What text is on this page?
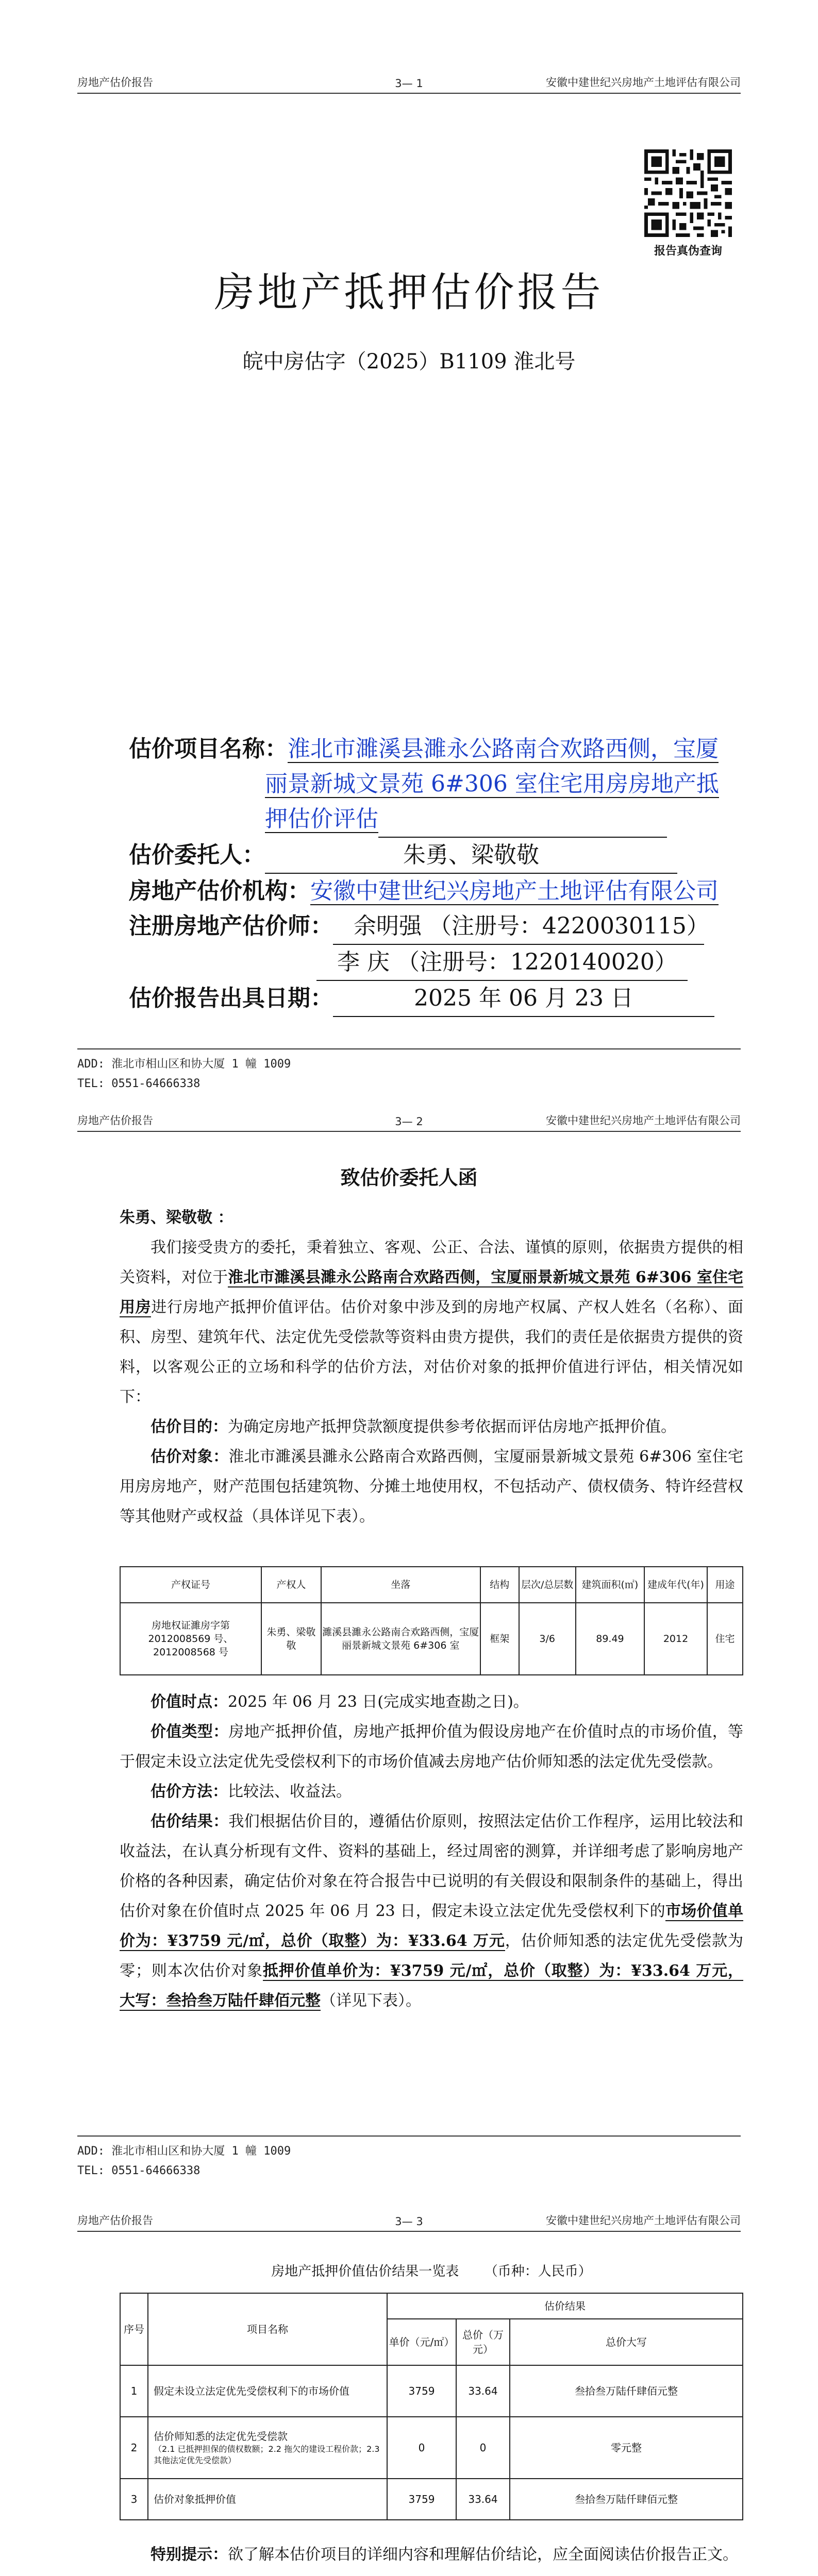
房地产估价报告	3— 1	安徽中建世纪兴房地产土地评估有限公司
报告真伪查询
房地产抵押估价报告
皖中房估字（2025）B1109 淮北号
估价项目名称：淮北市濉溪县濉永公路南合欢路西侧，宝厦
丽景新城文景苑 6#306 室住宅用房房地产抵
押估价评估
估价委托人：	朱勇、梁敬敬
房地产估价机构：安徽中建世纪兴房地产土地评估有限公司
注册房地产估价师： 余明强 （注册号：4220030115）
李 庆 （注册号：1220140020）
估价报告出具日期：	2025 年 06 月 23 日
ADD: 淮北市相山区和协大厦 1 幢 1009
TEL: 0551-64666338
房地产估价报告	3— 2	安徽中建世纪兴房地产土地评估有限公司
致估价委托人函

朱勇、梁敬敬 ：

我们接受贵方的委托，秉着独立、客观、公正、合法、谨慎的原则，依据贵方提供的相关资料，对位于淮北市濉溪县濉永公路南合欢路西侧，宝厦丽景新城文景苑 6#306 室住宅用房进行房地产抵押价值评估。估价对象中涉及到的房地产权属、产权人姓名（名称）、面积、房型、建筑年代、法定优先受偿款等资料由贵方提供，我们的责任是依据贵方提供的资料，以客观公正的立场和科学的估价方法，对估价对象的抵押价值进行评估，相关情况如下：

估价目的：为确定房地产抵押贷款额度提供参考依据而评估房地产抵押价值。

估价对象：淮北市濉溪县濉永公路南合欢路西侧，宝厦丽景新城文景苑 6#306 室住宅用房房地产，财产范围包括建筑物、分摊土地使用权，不包括动产、债权债务、特许经营权等其他财产或权益（具体详见下表）。

产权证号	产权人	坐落	结构	层次/总层数	建筑面积(㎡)	建成年代(年)	用途
房地权证濉房字第 2012008569 号、2012008568 号	朱勇、梁敬敬	濉溪县濉永公路南合欢路西侧，宝厦丽景新城文景苑 6#306 室	框架	3/6	89.49	2012	住宅

价值时点：2025 年 06 月 23 日(完成实地查勘之日)。

价值类型：房地产抵押价值，房地产抵押价值为假设房地产在价值时点的市场价值，等于假定未设立法定优先受偿权利下的市场价值减去房地产估价师知悉的法定优先受偿款。

估价方法：比较法、收益法。

估价结果：我们根据估价目的，遵循估价原则，按照法定估价工作程序，运用比较法和收益法，在认真分析现有文件、资料的基础上，经过周密的测算，并详细考虑了影响房地产价格的各种因素，确定估价对象在符合报告中已说明的有关假设和限制条件的基础上，得出估价对象在价值时点 2025 年 06 月 23 日，假定未设立法定优先受偿权利下的市场价值单价为：¥3759 元/㎡，总价（取整）为：¥33.64 万元，估价师知悉的法定优先受偿款为零；则本次估价对象抵押价值单价为：¥3759 元/㎡，总价（取整）为：¥33.64 万元，大写：叁拾叁万陆仟肆佰元整（详见下表）。

ADD: 淮北市相山区和协大厦 1 幢 1009
TEL: 0551-64666338
房地产估价报告	3— 3	安徽中建世纪兴房地产土地评估有限公司

房地产抵押价值估价结果一览表 （币种：人民币）

序号	项目名称	估价结果		
		单价（元/㎡）	总价（万元）	总价大写
1	假定未设立法定优先受偿权利下的市场价值	3759	33.64	叁拾叁万陆仟肆佰元整
2	估价师知悉的法定优先受偿款
（2.1 已抵押担保的债权数额；2.2 拖欠的建设工程价款；2.3 其他法定优先受偿款）	0	0	零元整
3	估价对象抵押价值	3759	33.64	叁拾叁万陆仟肆佰元整

特别提示：欲了解本估价项目的详细内容和理解估价结论，应全面阅读估价报告正文。
